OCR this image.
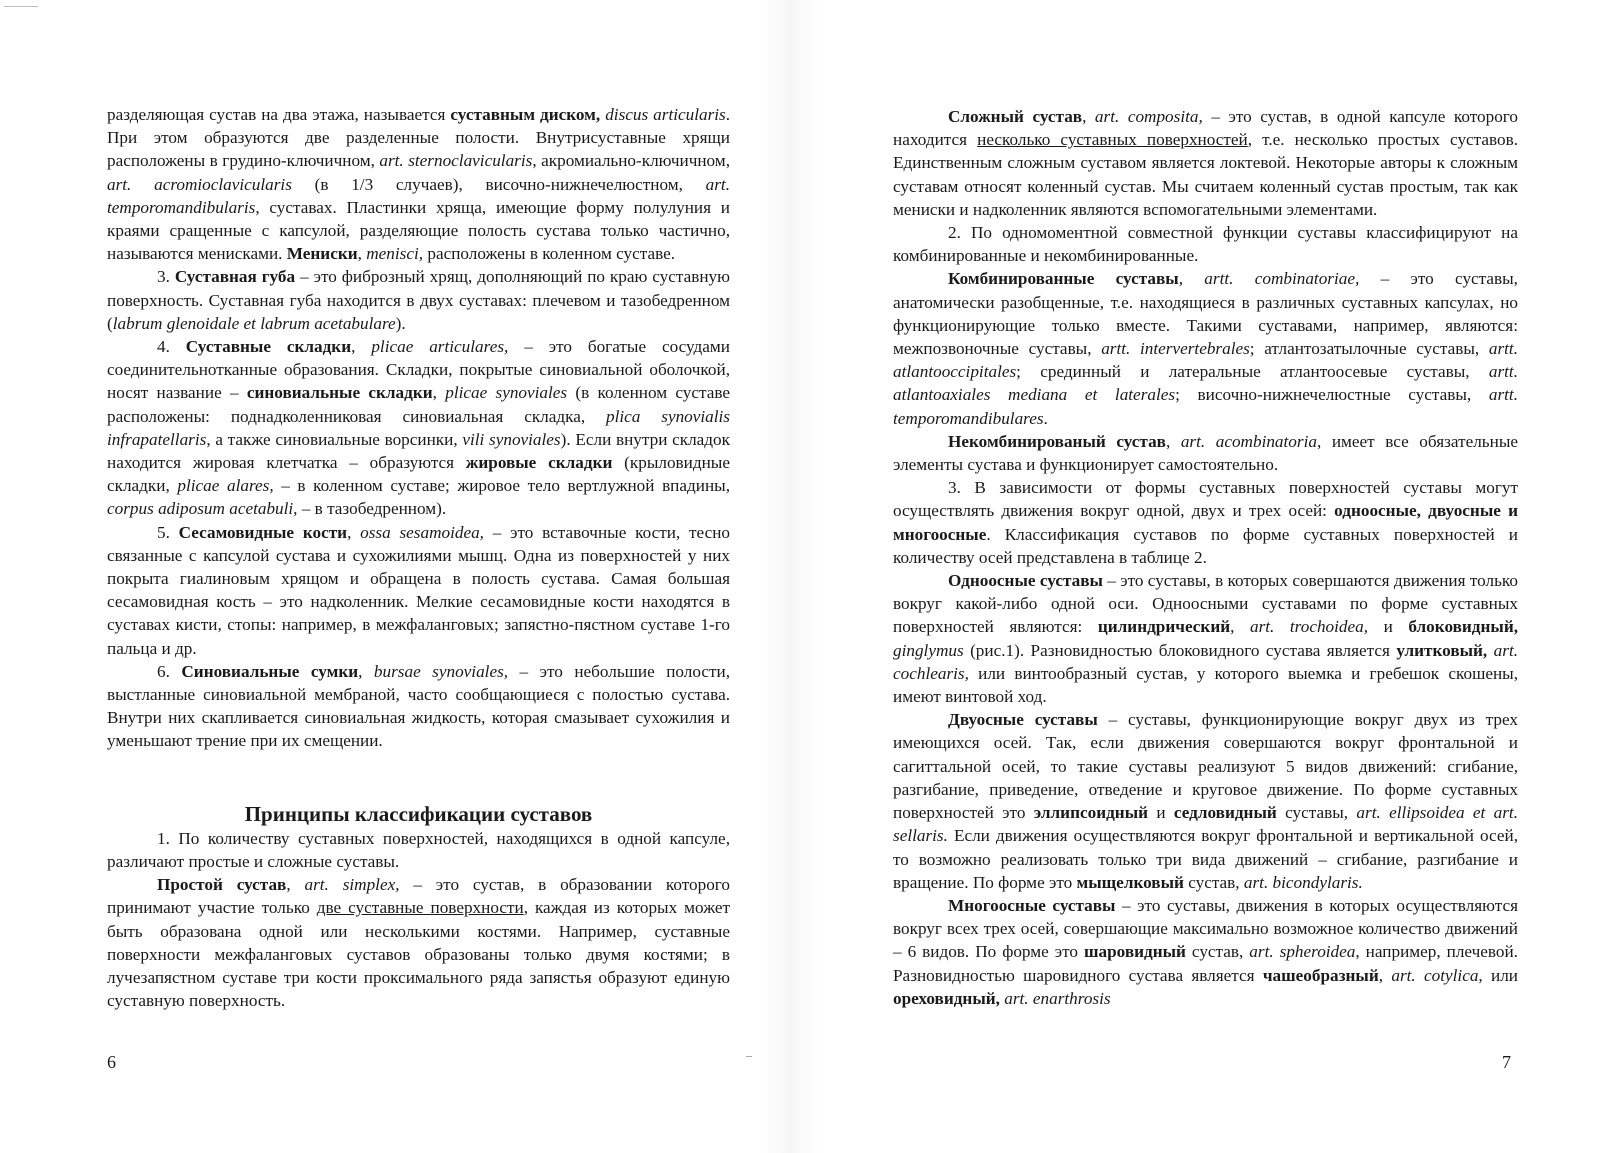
разделяющая сустав на два этажа, называется суставным диском, discus articularis. При этом образуются две разделенные полости. Внутрисуставные хрящи расположены в грудино-ключичном, art. sternoclavicularis, акромиально-ключичном, art. acromioclavicularis (в 1/3 случаев), височно-нижнечелюстном, art. temporomandibularis, суставах. Пластинки хряща, имеющие форму полулуния и краями сращенные с капсулой, разделяющие полость сустава только частично, называются менисками. Мениски, menisci, расположены в коленном суставе.

3. Суставная губа – это фиброзный хрящ, дополняющий по краю суставную поверхность. Суставная губа находится в двух суставах: плечевом и тазобедренном (labrum glenoidale et labrum acetabulare).

4. Суставные складки, plicae articulares, – это богатые сосудами соединительнотканные образования. Складки, покрытые синовиальной оболочкой, носят название – синовиальные складки, plicae synoviales (в коленном суставе расположены: поднадколенниковая синовиальная складка, plica synovialis infrapatellaris, а также синовиальные ворсинки, vili synoviales). Если внутри складок находится жировая клетчатка – образуются жировые складки (крыловидные складки, plicae alares, – в коленном суставе; жировое тело вертлужной впадины, corpus adiposum acetabuli, – в тазобедренном).

5. Сесамовидные кости, ossa sesamoidea, – это вставочные кости, тесно связанные с капсулой сустава и сухожилиями мышц. Одна из поверхностей у них покрыта гиалиновым хрящом и обращена в полость сустава. Самая большая сесамовидная кость – это надколенник. Мелкие сесамовидные кости находятся в суставах кисти, стопы: например, в межфаланговых; запястно-пястном суставе 1-го пальца и др.

6. Синовиальные сумки, bursae synoviales, – это небольшие полости, выстланные синовиальной мембраной, часто сообщающиеся с полостью сустава. Внутри них скапливается синовиальная жидкость, которая смазывает сухожилия и уменьшают трение при их смещении.

Принципы классификации суставов

1. По количеству суставных поверхностей, находящихся в одной капсуле, различают простые и сложные суставы.

Простой сустав, art. simplex, – это сустав, в образовании которого принимают участие только две суставные поверхности, каждая из которых может быть образована одной или несколькими костями. Например, суставные поверхности межфаланговых суставов образованы только двумя костями; в лучезапястном суставе три кости проксимального ряда запястья образуют единую суставную поверхность.

6

Сложный сустав, art. composita, – это сустав, в одной капсуле которого находится несколько суставных поверхностей, т.е. несколько простых суставов. Единственным сложным суставом является локтевой. Некоторые авторы к сложным суставам относят коленный сустав. Мы считаем коленный сустав простым, так как мениски и надколенник являются вспомогательными элементами.

2. По одномоментной совместной функции суставы классифицируют на комбинированные и некомбинированные.

Комбинированные суставы, artt. combinatoriae, – это суставы, анатомически разобщенные, т.е. находящиеся в различных суставных капсулах, но функционирующие только вместе. Такими суставами, например, являются: межпозвоночные суставы, artt. intervertebrales; атлантозатылочные суставы, artt. atlantooccipitales; срединный и латеральные атлантоосевые суставы, artt. atlantoaxiales mediana et laterales; височно-нижнечелюстные суставы, artt. temporomandibulares.

Некомбинированый сустав, art. acombinatoria, имеет все обязательные элементы сустава и функционирует самостоятельно.

3. В зависимости от формы суставных поверхностей суставы могут осуществлять движения вокруг одной, двух и трех осей: одноосные, двуосные и многоосные. Классификация суставов по форме суставных поверхностей и количеству осей представлена в таблице 2.

Одноосные суставы – это суставы, в которых совершаются движения только вокруг какой-либо одной оси. Одноосными суставами по форме суставных поверхностей являются: цилиндрический, art. trochoidea, и блоковидный, ginglymus (рис.1). Разновидностью блоковидного сустава является улитковый, art. cochlearis, или винтообразный сустав, у которого выемка и гребешок скошены, имеют винтовой ход.

Двуосные суставы – суставы, функционирующие вокруг двух из трех имеющихся осей. Так, если движения совершаются вокруг фронтальной и сагиттальной осей, то такие суставы реализуют 5 видов движений: сгибание, разгибание, приведение, отведение и круговое движение. По форме суставных поверхностей это эллипсоидный и седловидный суставы, art. ellipsoidea et art. sellaris. Если движения осуществляются вокруг фронтальной и вертикальной осей, то возможно реализовать только три вида движений – сгибание, разгибание и вращение. По форме это мыщелковый сустав, art. bicondylaris.

Многоосные суставы – это суставы, движения в которых осуществляются вокруг всех трех осей, совершающие максимально возможное количество движений – 6 видов. По форме это шаровидный сустав, art. spheroidea, например, плечевой. Разновидностью шаровидного сустава является чашеобразный, art. cotylica, или ореховидный, art. enarthrosis

7
